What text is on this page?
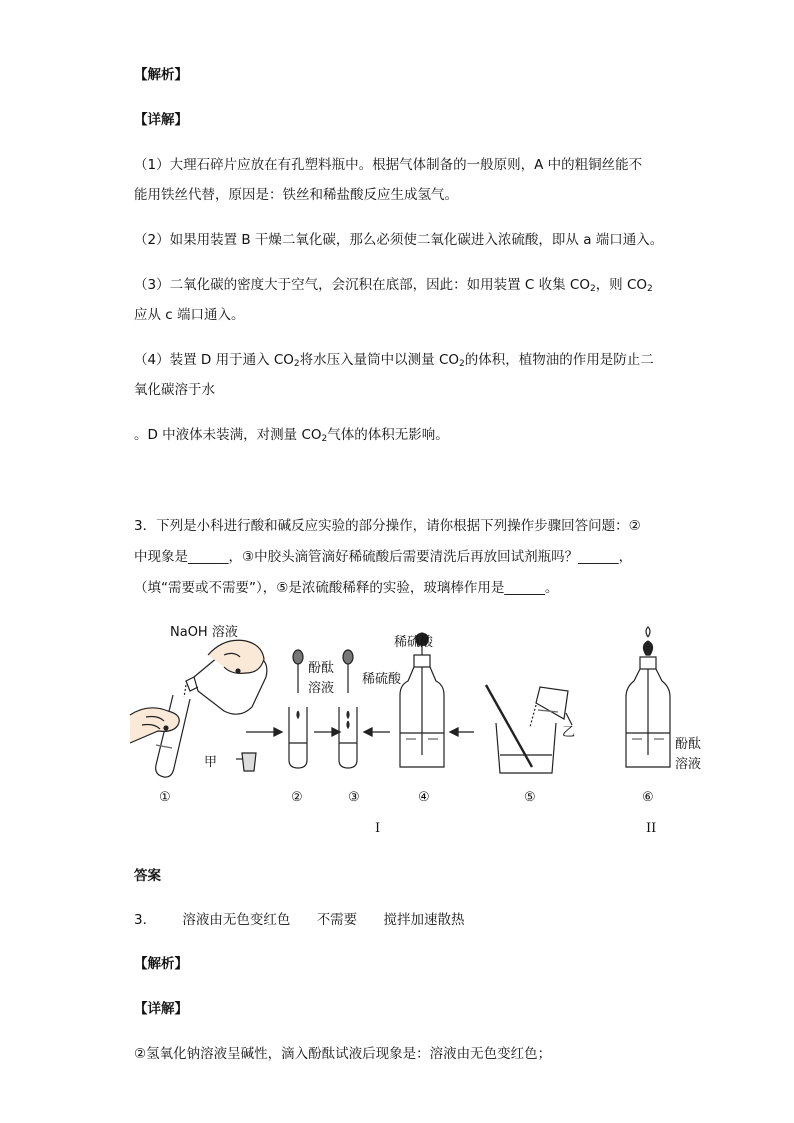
【解析】
【详解】
（1）大理石碎片应放在有孔塑料瓶中。根据气体制备的一般原则，A 中的粗铜丝能不
能用铁丝代替，原因是：铁丝和稀盐酸反应生成氢气。
（2）如果用装置 B 干燥二氧化碳，那么必须使二氧化碳进入浓硫酸，即从 a 端口通入。
（3）二氧化碳的密度大于空气，会沉积在底部，因此：如用装置 C 收集 $CO_2$，则 $CO_2$
应从 c 端口通入。
（4）装置 D 用于通入 $CO_2$将水压入量筒中以测量 $CO_2$的体积，植物油的作用是防止二
氧化碳溶于水
。D 中液体未装满，对测量 $CO_2$气体的体积无影响。
3．下列是小科进行酸和碱反应实验的部分操作，请你根据下列操作步骤回答问题：②
中现象是______，③中胶头滴管滴好稀硫酸后需要清洗后再放回试剂瓶吗？______，
（填“需要或不需要”），⑤是浓硫酸稀释的实验，玻璃棒作用是______。
NaOH 溶液
酚酞
溶液
稀硫酸
稀硫酸
甲
乙
酚酞
溶液
①	②	③	④	⑤	⑥
I	II
答案
3． 溶液由无色变红色 不需要 搅拌加速散热
【解析】
【详解】
②氢氧化钠溶液呈碱性，滴入酚酞试液后现象是：溶液由无色变红色；
